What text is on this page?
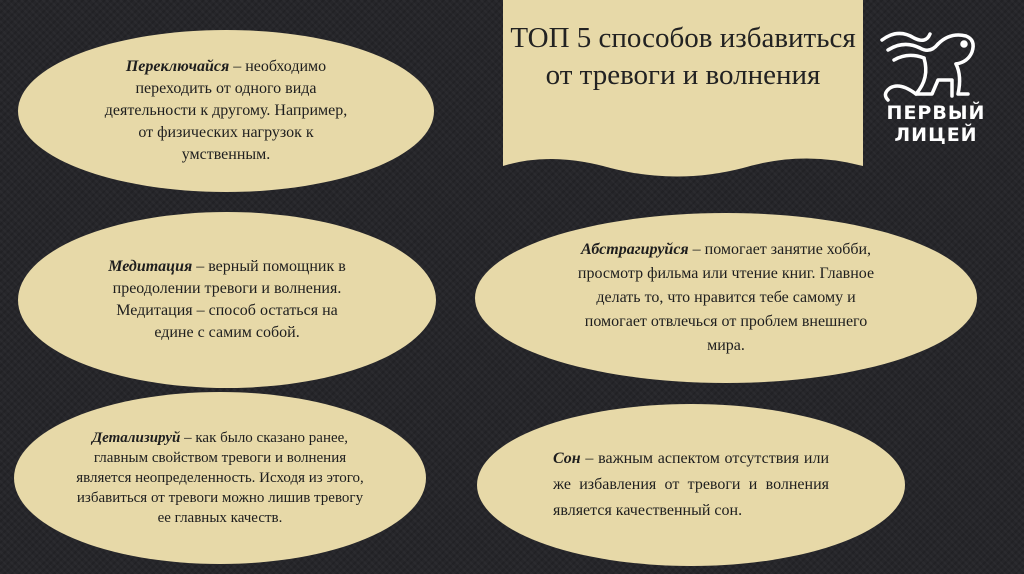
Переключайся – необходимо переходить от одного вида деятельности к другому. Например, от физических нагрузок к умственным.

Медитация – верный помощник в преодолении тревоги и волнения. Медитация – способ остаться на едине с самим собой.

Детализируй – как было сказано ранее, главным свойством тревоги и волнения является неопределенность. Исходя из этого, избавиться от тревоги можно лишив тревогу ее главных качеств.

Абстрагируйся – помогает занятие хобби, просмотр фильма или чтение книг. Главное делать то, что нравится тебе самому и помогает отвлечься от проблем внешнего мира.

Сон – важным аспектом отсутствия или же избавления от тревоги и волнения является качественный сон.

ТОП 5 способов избавиться от тревоги и волнения
ПЕРВЫЙ
ЛИЦЕЙ
